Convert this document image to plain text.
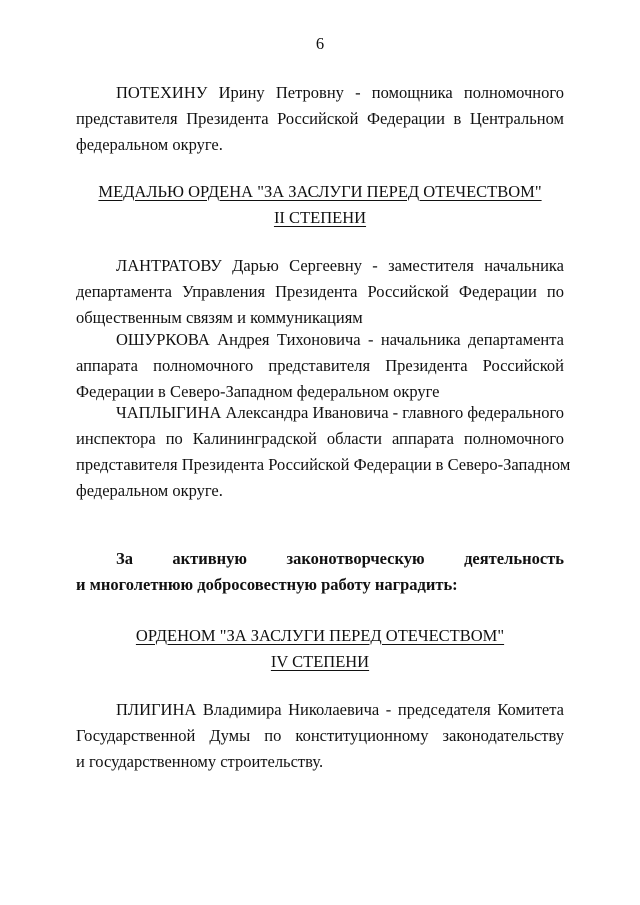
6
ПОТЕХИНУ Ирину Петровну - помощника полномочного
представителя Президента Российской Федерации в Центральном
федеральном округе.
МЕДАЛЬЮ ОРДЕНА "ЗА ЗАСЛУГИ ПЕРЕД ОТЕЧЕСТВОМ"
II СТЕПЕНИ
ЛАНТРАТОВУ Дарью Сергеевну - заместителя начальника
департамента Управления Президента Российской Федерации по
общественным связям и коммуникациям
ОШУРКОВА Андрея Тихоновича - начальника департамента
аппарата полномочного представителя Президента Российской
Федерации в Северо-Западном федеральном округе
ЧАПЛЫГИНА Александра Ивановича - главного федерального
инспектора по Калининградской области аппарата полномочного
представителя Президента Российской Федерации в Северо-Западном
федеральном округе.
За активную законотворческую деятельность
и многолетнюю добросовестную работу наградить:
ОРДЕНОМ "ЗА ЗАСЛУГИ ПЕРЕД ОТЕЧЕСТВОМ"
IV СТЕПЕНИ
ПЛИГИНА Владимира Николаевича - председателя Комитета
Государственной Думы по конституционному законодательству
и государственному строительству.
